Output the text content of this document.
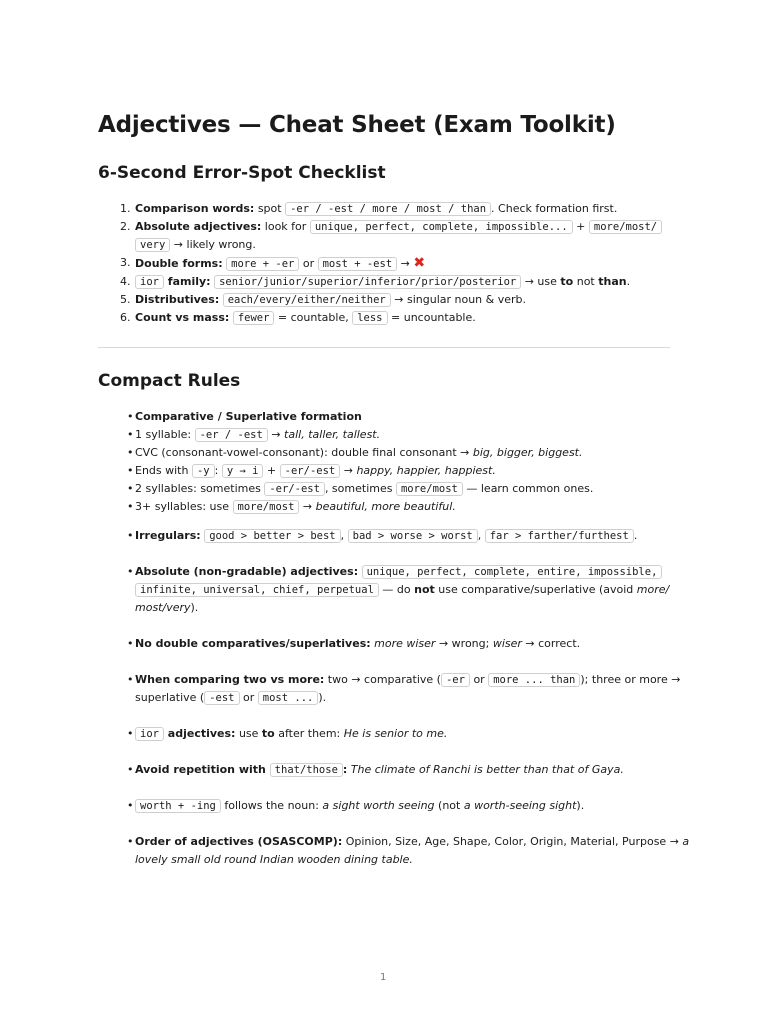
Adjectives — Cheat Sheet (Exam Toolkit)
6-Second Error-Spot Checklist
1. Comparison words: spot -er / -est / more / most / than . Check formation first.
2. Absolute adjectives: look for unique, perfect, complete, impossible... + more/most/
very → likely wrong.
3. Double forms: more + -er or most + -est → ✖
4. ior family: senior/junior/superior/inferior/prior/posterior → use to not than.
5. Distributives: each/every/either/neither → singular noun & verb.
6. Count vs mass: fewer = countable, less = uncountable.
Compact Rules
• Comparative / Superlative formation
• 1 syllable: -er / -est → tall, taller, tallest.
• CVC (consonant-vowel-consonant): double final consonant → big, bigger, biggest.
• Ends with -y : y → i + -er/-est → happy, happier, happiest.
• 2 syllables: sometimes -er/-est , sometimes more/most — learn common ones.
• 3+ syllables: use more/most → beautiful, more beautiful.
• Irregulars: good > better > best , bad > worse > worst , far > farther/furthest .
• Absolute (non-gradable) adjectives: unique, perfect, complete, entire, impossible,
infinite, universal, chief, perpetual — do not use comparative/superlative (avoid more/
most/very).
• No double comparatives/superlatives: more wiser → wrong; wiser → correct.
• When comparing two vs more: two → comparative ( -er or more ... than ); three or more →
superlative ( -est or most ... ).
• ior adjectives: use to after them: He is senior to me.
• Avoid repetition with that/those : The climate of Ranchi is better than that of Gaya.
• worth + -ing follows the noun: a sight worth seeing (not a worth-seeing sight).
• Order of adjectives (OSASCOMP): Opinion, Size, Age, Shape, Color, Origin, Material, Purpose → a
lovely small old round Indian wooden dining table.
1
